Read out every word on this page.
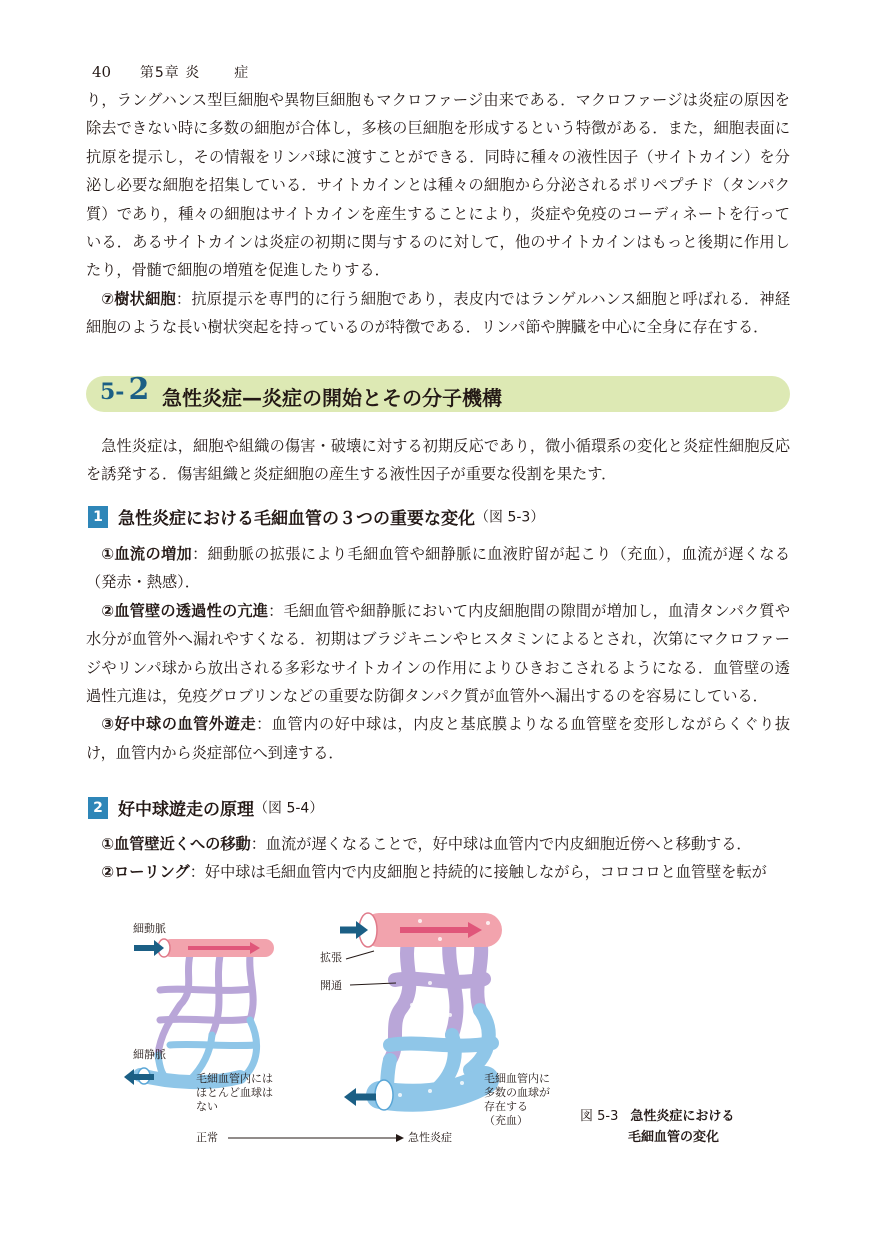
40 第5章 炎 症

り，ラングハンス型巨細胞や異物巨細胞もマクロファージ由来である．マクロファージは炎症の原因を除去できない時に多数の細胞が合体し，多核の巨細胞を形成するという特徴がある．また，細胞表面に抗原を提示し，その情報をリンパ球に渡すことができる．同時に種々の液性因子（サイトカイン）を分泌し必要な細胞を招集している．サイトカインとは種々の細胞から分泌されるポリペプチド（タンパク質）であり，種々の細胞はサイトカインを産生することにより，炎症や免疫のコーディネートを行っている．あるサイトカインは炎症の初期に関与するのに対して，他のサイトカインはもっと後期に作用したり，骨髄で細胞の増殖を促進したりする．

⑦樹状細胞：抗原提示を専門的に行う細胞であり，表皮内ではランゲルハンス細胞と呼ばれる．神経細胞のような長い樹状突起を持っているのが特徴である．リンパ節や脾臓を中心に全身に存在する．

5- 2 急性炎症—炎症の開始とその分子機構
急性炎症は，細胞や組織の傷害・破壊に対する初期反応であり，微小循環系の変化と炎症性細胞反応を誘発する．傷害組織と炎症細胞の産生する液性因子が重要な役割を果たす．
1 急性炎症における毛細血管の３つの重要な変化（図 5-3）

①血流の増加：細動脈の拡張により毛細血管や細静脈に血液貯留が起こり（充血），血流が遅くなる（発赤・熱感）．

②血管壁の透過性の亢進：毛細血管や細静脈において内皮細胞間の隙間が増加し，血清タンパク質や水分が血管外へ漏れやすくなる．初期はブラジキニンやヒスタミンによるとされ，次第にマクロファージやリンパ球から放出される多彩なサイトカインの作用によりひきおこされるようになる．血管壁の透過性亢進は，免疫グロブリンなどの重要な防御タンパク質が血管外へ漏出するのを容易にしている．

③好中球の血管外遊走：血管内の好中球は，内皮と基底膜よりなる血管壁を変形しながらくぐり抜け，血管内から炎症部位へ到達する．

2 好中球遊走の原理（図 5-4）

①血管壁近くへの移動：血流が遅くなることで，好中球は血管内で内皮細胞近傍へと移動する．

②ローリング：好中球は毛細血管内で内皮細胞と持続的に接触しながら，コロコロと血管壁を転が

細動脈
細静脈
拡張
開通
毛細血管内には
ほとんど血球は
ない
毛細血管内に
多数の血球が
存在する
（充血）
正常	急性炎症
図 5-3 急性炎症における
毛細血管の変化
